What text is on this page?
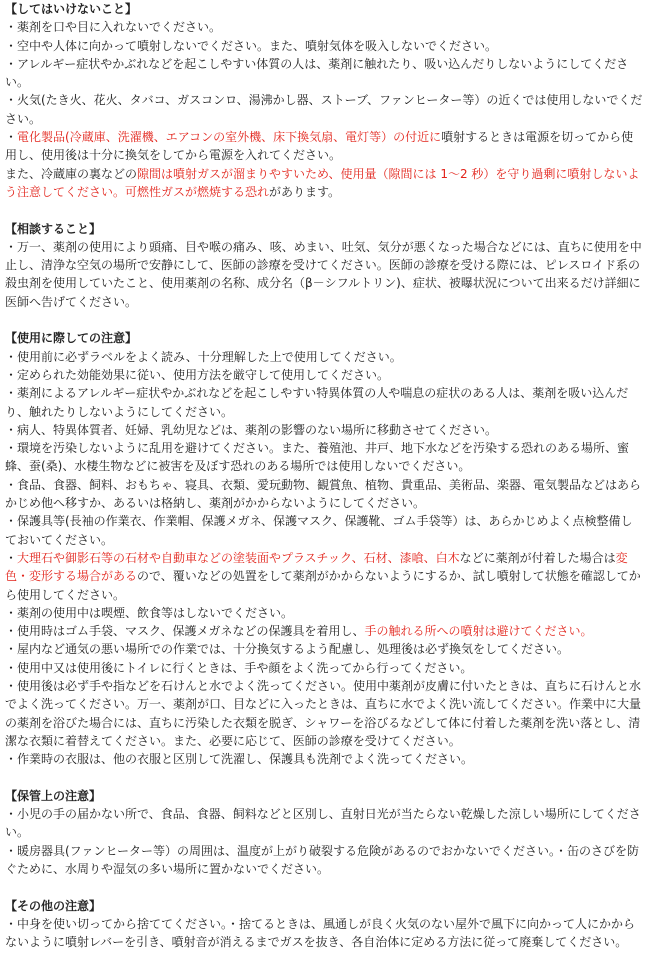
【してはいけないこと】
・薬剤を口や目に入れないでください。
・空中や人体に向かって噴射しないでください。また、噴射気体を吸入しないでください。
・アレルギー症状やかぶれなどを起こしやすい体質の人は、薬剤に触れたり、吸い込んだりしないようにしてください。
・火気(たき火、花火、タバコ、ガスコンロ、湯沸かし器、ストーブ、ファンヒーター等）の近くでは使用しないでください。
・電化製品(冷蔵庫、洗濯機、エアコンの室外機、床下換気扇、電灯等）の付近に噴射するときは電源を切ってから使用し、使用後は十分に換気をしてから電源を入れてください。
また、冷蔵庫の裏などの隙間は噴射ガスが溜まりやすいため、使用量（隙間には 1〜2 秒）を守り過剰に噴射しないよう注意してください。可燃性ガスが燃焼する恐れがあります。
【相談すること】
・万一、薬剤の使用により頭痛、目や喉の痛み、咳、めまい、吐気、気分が悪くなった場合などには、直ちに使用を中止し、清浄な空気の場所で安静にして、医師の診療を受けてください。医師の診療を受ける際には、ピレスロイド系の殺虫剤を使用していたこと、使用薬剤の名称、成分名（β－シフルトリン)、症状、被曝状況について出来るだけ詳細に医師へ告げてください。
【使用に際しての注意】
・使用前に必ずラベルをよく読み、十分理解した上で使用してください。
・定められた効能効果に従い、使用方法を厳守して使用してください。
・薬剤によるアレルギー症状やかぶれなどを起こしやすい特異体質の人や喘息の症状のある人は、薬剤を吸い込んだり、触れたりしないようにしてください。
・病人、特異体質者、妊婦、乳幼児などは、薬剤の影響のない場所に移動させてください。
・環境を汚染しないように乱用を避けてください。また、養殖池、井戸、地下水などを汚染する恐れのある場所、蜜蜂、蚕(桑)、水棲生物などに被害を及ぼす恐れのある場所では使用しないでください。
・食品、食器、飼料、おもちゃ、寝具、衣類、愛玩動物、観賞魚、植物、貴重品、美術品、楽器、電気製品などはあらかじめ他へ移すか、あるいは格納し、薬剤がかからないようにしてください。
・保護具等(長袖の作業衣、作業帽、保護メガネ、保護マスク、保護靴、ゴム手袋等）は、あらかじめよく点検整備しておいてください。
・大理石や御影石等の石材や自動車などの塗装面やプラスチック、石材、漆喰、白木などに薬剤が付着した場合は変色・変形する場合があるので、覆いなどの処置をして薬剤がかからないようにするか、試し噴射して状態を確認してから使用してください。
・薬剤の使用中は喫煙、飲食等はしないでください。
・使用時はゴム手袋、マスク、保護メガネなどの保護具を着用し、手の触れる所への噴射は避けてください。
・屋内など通気の悪い場所での作業では、十分換気するよう配慮し、処理後は必ず換気をしてください。
・使用中又は使用後にトイレに行くときは、手や顔をよく洗ってから行ってください。
・使用後は必ず手や指などを石けんと水でよく洗ってください。使用中薬剤が皮膚に付いたときは、直ちに石けんと水でよく洗ってください。万一、薬剤が口、目などに入ったときは、直ちに水でよく洗い流してください。作業中に大量の薬剤を浴びた場合には、直ちに汚染した衣類を脱ぎ、シャワーを浴びるなどして体に付着した薬剤を洗い落とし、清潔な衣類に着替えてください。また、必要に応じて、医師の診療を受けてください。
・作業時の衣服は、他の衣服と区別して洗濯し、保護具も洗剤でよく洗ってください。
【保管上の注意】
・小児の手の届かない所で、食品、食器、飼料などと区別し、直射日光が当たらない乾燥した涼しい場所にしてください。
・暖房器具(ファンヒーター等）の周囲は、温度が上がり破裂する危険があるのでおかないでください。・缶のさびを防ぐために、水周りや湿気の多い場所に置かないでください。
【その他の注意】
・中身を使い切ってから捨ててください。・捨てるときは、風通しが良く火気のない屋外で風下に向かって人にかからないように噴射レバーを引き、噴射音が消えるまでガスを抜き、各自治体に定める方法に従って廃棄してください。
